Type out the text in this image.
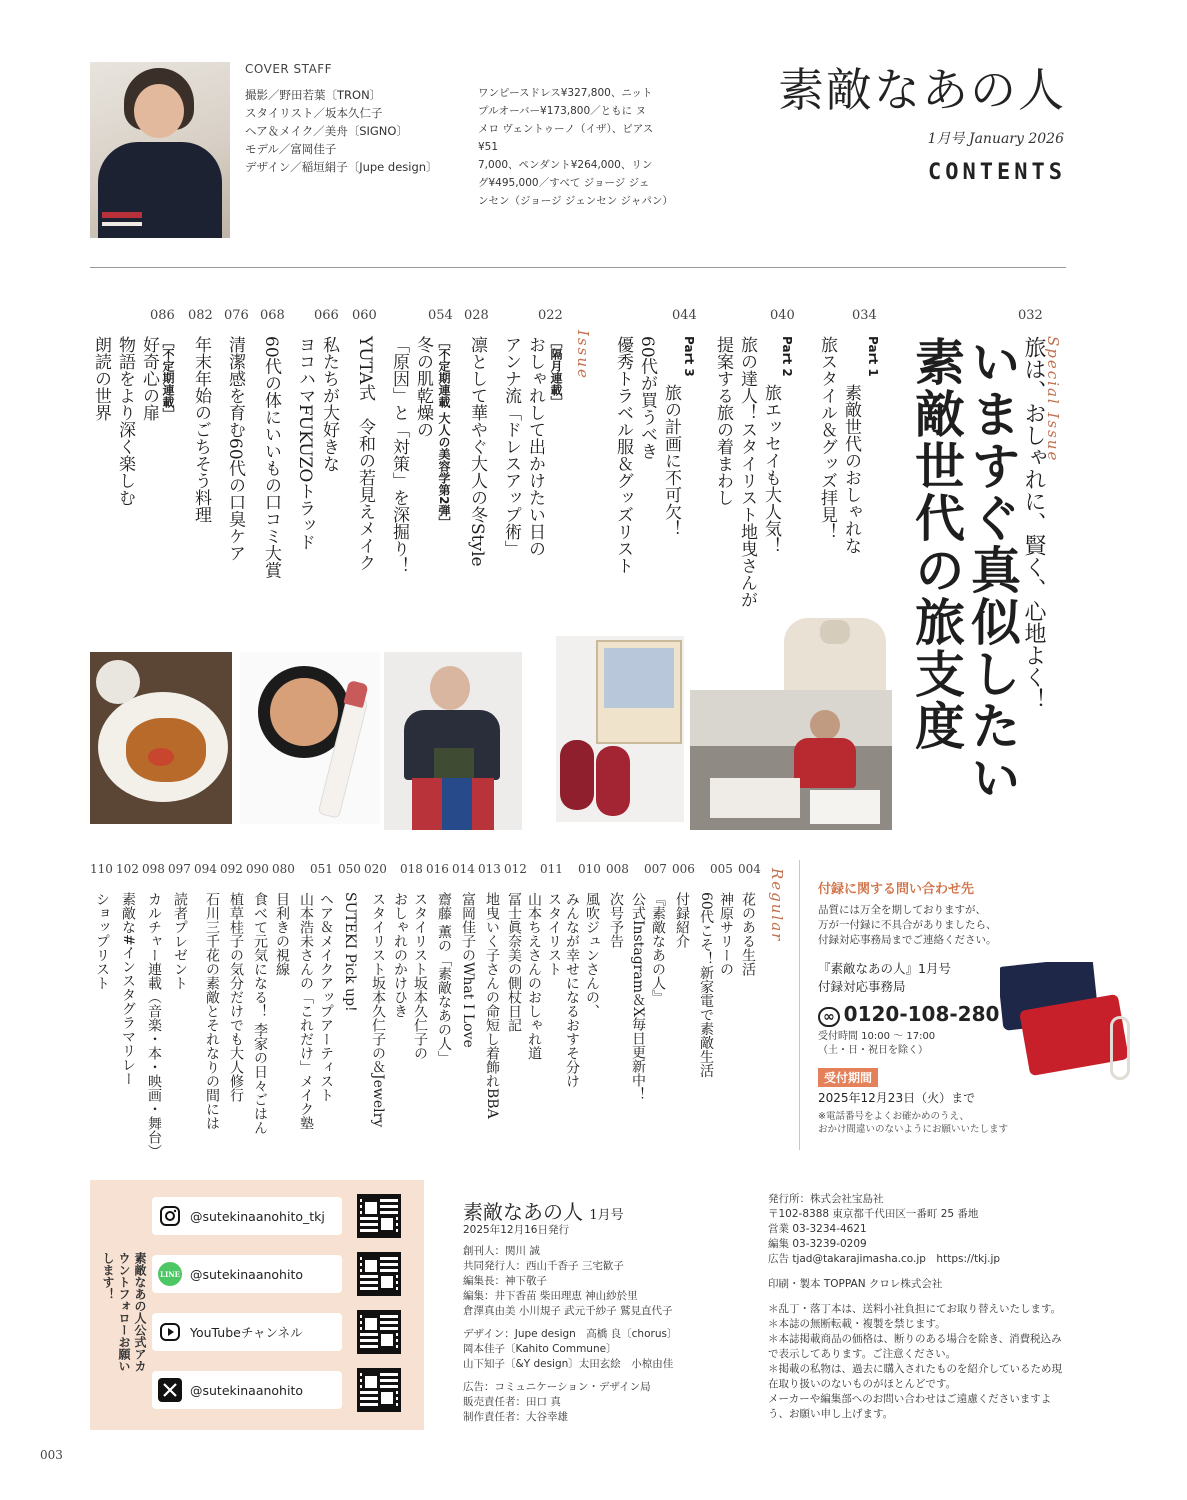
COVER STAFF
撮影／野田若葉〔TRON〕
スタイリスト／坂本久仁子
ヘア＆メイク／美舟〔SIGNO〕
モデル／富岡佳子
デザイン／稲垣絹子〔Jupe design〕
ワンピースドレス¥327,800、ニット
プルオーバー¥173,800／ともに ヌ
メロ ヴェントゥーノ（イザ）、ピアス¥51
7,000、ペンダント¥264,000、リン
グ¥495,000／すべて ジョージ ジェ
ンセン（ジョージ ジェンセン ジャパン）
素敵なあの人
1月号 January 2026
CONTENTS
Special Issue
032
旅は、おしゃれに、賢く、心地よく！
いますぐ真似したい
素敵世代の旅支度
034
Part 1
素敵世代のおしゃれな
旅スタイル＆グッズ拝見！
040
Part 2
旅エッセイも大人気！
旅の達人！スタイリスト地曳さんが
提案する旅の着まわし
044
Part 3
旅の計画に不可欠！
60代が買うべき
優秀トラベル服＆グッズリスト
Issue
022
［隔月連載］
おしゃれして出かけたい日の
アンナ流「ドレスアップ術」
028
凛として華やぐ大人の冬Style
054
［不定期連載 大人の美容学第2弾］
冬の肌乾燥の
「原因」と「対策」を深掘り！
060
YUTA式　令和の若見えメイク
066
私たちが大好きな
ヨコハマFUKUZOトラッド
068
60代の体にいいもの口コミ大賞
076
清潔感を育む60代の口臭ケア
082
年末年始のごちそう料理
086
［不定期連載］
好奇心の扉
物語をより深く楽しむ
朗読の世界
Regular
004
花のある生活
005
神原サリーの
60代こそ！新家電で素敵生活
006
付録紹介
007
『素敵なあの人』
公式Instagram＆X毎日更新中！
008
次号予告
010
風吹ジュンさんの、
みんなが幸せになるおすそ分け
011
スタイリスト
山本ちえさんのおしゃれ道
012
冨士眞奈美の側杖日記
013
地曳いく子さんの命短し着飾れBBA
014
富岡佳子のWhat I Love
016
齋藤 薫の「素敵なあの人」
018
スタイリスト坂本久仁子の
おしゃれのかけひき
020
スタイリスト坂本久仁子の＆Jewelry
050
SUTEKI Pick up!
051
ヘア＆メイクアップアーティスト
山本浩未さんの「これだけ」メイク塾
080
目利きの視線
090
食べて元気になる！ 李家の日々ごはん
092
植草桂子の気分だけでも大人修行
094
石川三千花の素敵とそれなりの間には
097
読者プレゼント
098
カルチャー連載（音楽・本・映画・舞台）
102
素敵な#インスタグラマリレー
110
ショップリスト
付録に関する問い合わせ先
品質には万全を期しておりますが、
万が一付録に不具合がありましたら、
付録対応事務局までご連絡ください。
『素敵なあの人』1月号
付録対応事務局
∞ 0120-108-280
受付時間 10:00 ～ 17:00
（土・日・祝日を除く）
受付期間
2025年12月23日（火）まで
※電話番号をよくお確かめのうえ、
おかけ間違いのないようにお願いいたします
素敵なあの人公式アカウントフォローお願いします！
@sutekinaanohito_tkj
LINE @sutekinaanohito
YouTubeチャンネル
@sutekinaanohito
素敵なあの人 1月号
2025年12月16日発行
創刊人：関川 誠
共同発行人：西山千香子 三宅歓子
編集長：神下敬子
編集：井下香苗 柴田理恵 神山紗於里
倉澤真由美 小川規子 武元千紗子 鷲見直代子
デザイン：Jupe design　高橋 良〔chorus〕
岡本佳子〔Kahito Commune〕
山下知子〔&Y design〕太田玄絵　小椋由佳
広告：コミュニケーション・デザイン局
販売責任者：田口 真
制作責任者：大谷幸雄
発行所：株式会社宝島社
〒102-8388 東京都千代田区一番町 25 番地
営業 03-3234-4621
編集 03-3239-0209
広告 tjad@takarajimasha.co.jp　https://tkj.jp
印刷・製本 TOPPAN クロレ株式会社
＊乱丁・落丁本は、送料小社負担にてお取り替えいたします。
＊本誌の無断転載・複製を禁じます。
＊本誌掲載商品の価格は、断りのある場合を除き、消費税込みで表示してあります。ご注意ください。
＊掲載の私物は、過去に購入されたものを紹介しているため現在取り扱いのないものがほとんどです。
メーカーや編集部へのお問い合わせはご遠慮くださいますよう、お願い申し上げます。
003
